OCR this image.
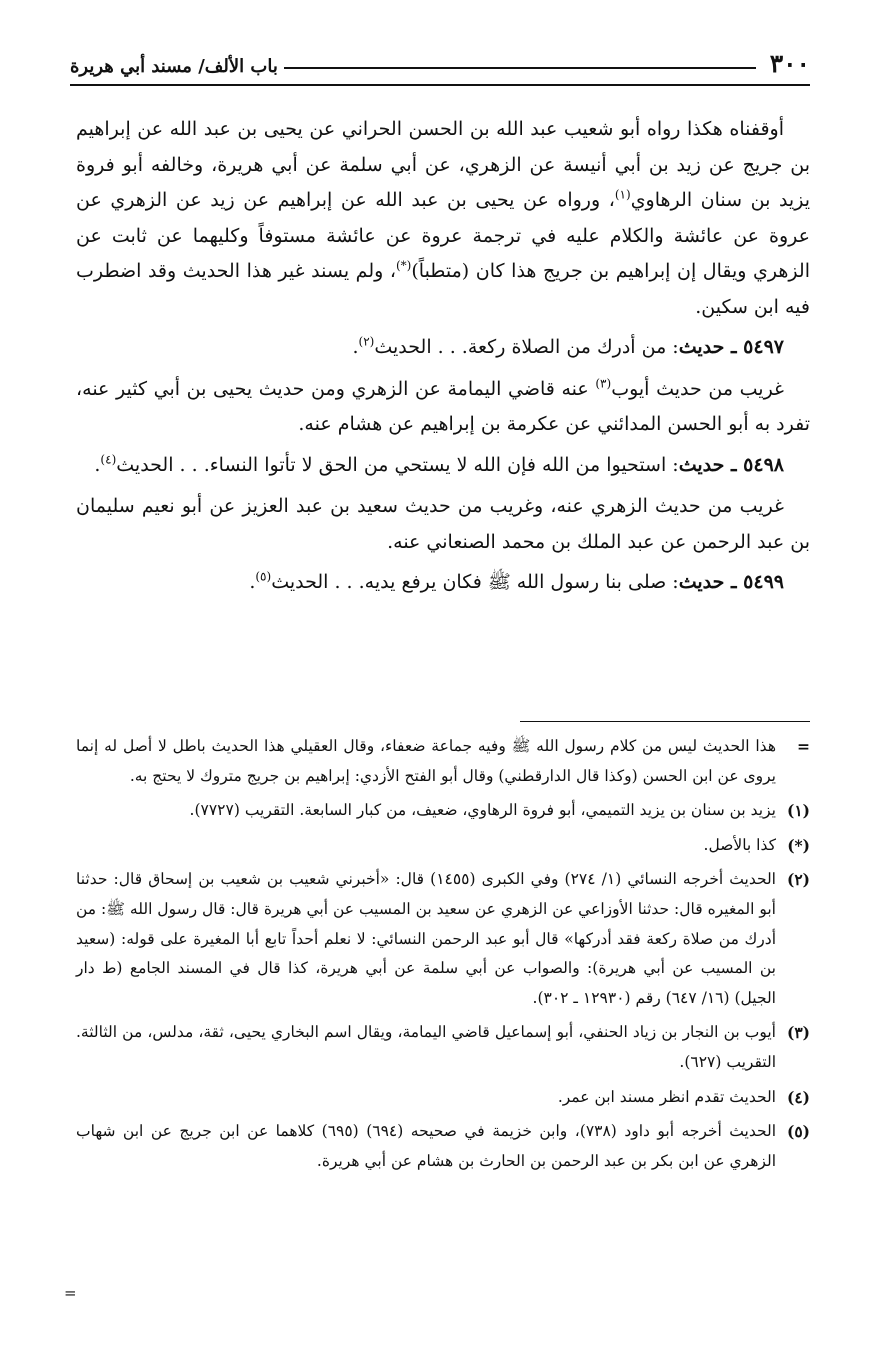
٣٠٠
باب الألف/ مسند أبي هريرة

أوقفناه هكذا رواه أبو شعيب عبد الله بن الحسن الحراني عن يحيى بن عبد الله عن إبراهيم بن جريج عن زيد بن أبي أنيسة عن الزهري، عن أبي سلمة عن أبي هريرة، وخالفه أبو فروة يزيد بن سنان الرهاوي$^{(١)}$، ورواه عن يحيى بن عبد الله عن إبراهيم عن زيد عن الزهري عن عروة عن عائشة والكلام عليه في ترجمة عروة عن عائشة مستوفاً وكليهما عن ثابت عن الزهري ويقال إن إبراهيم بن جريج هذا كان (متطباً)(*)، ولم يسند غير هذا الحديث وقد اضطرب فيه ابن سكين.

٥٤٩٧ ـ حديث: من أدرك من الصلاة ركعة. . . الحديث$^{(٢)}$.

غريب من حديث أيوب$^{(٣)}$ عنه قاضي اليمامة عن الزهري ومن حديث يحيى بن أبي كثير عنه، تفرد به أبو الحسن المدائني عن عكرمة بن إبراهيم عن هشام عنه.

٥٤٩٨ ـ حديث: استحيوا من الله فإن الله لا يستحي من الحق لا تأتوا النساء. . . الحديث$^{(٤)}$.

غريب من حديث الزهري عنه، وغريب من حديث سعيد بن عبد العزيز عن أبو نعيم سليمان بن عبد الرحمن عن عبد الملك بن محمد الصنعاني عنه.

٥٤٩٩ ـ حديث: صلى بنا رسول الله ﷺ فكان يرفع يديه. . . الحديث$^{(٥)}$.

=
هذا الحديث ليس من كلام رسول الله ﷺ وفيه جماعة ضعفاء، وقال العقيلي هذا الحديث باطل لا أصل له إنما يروى عن ابن الحسن (وكذا قال الدارقطني) وقال أبو الفتح الأزدي: إبراهيم بن جريج متروك لا يحتج به.
(١)
يزيد بن سنان بن يزيد التميمي، أبو فروة الرهاوي، ضعيف، من كبار السابعة. التقريب (٧٧٢٧).
(*)
كذا بالأصل.
(٢)
الحديث أخرجه النسائي (١/ ٢٧٤) وفي الكبرى (١٤٥٥) قال: «أخبرني شعيب بن شعيب بن إسحاق قال: حدثنا أبو المغيره قال: حدثنا الأوزاعي عن الزهري عن سعيد بن المسيب عن أبي هريرة قال: قال رسول الله ﷺ: من أدرك من صلاة ركعة فقد أدركها» قال أبو عبد الرحمن النسائي: لا نعلم أحداً تابع أبا المغيرة على قوله: (سعيد بن المسيب عن أبي هريرة): والصواب عن أبي سلمة عن أبي هريرة، كذا قال في المسند الجامع (ط دار الجيل) (١٦/ ٦٤٧) رقم (١٢٩٣٠ ـ ٣٠٢).
(٣)
أيوب بن النجار بن زياد الحنفي، أبو إسماعيل قاضي اليمامة، ويقال اسم البخاري يحيى، ثقة، مدلس، من الثالثة. التقريب (٦٢٧).
(٤)
الحديث تقدم انظر مسند ابن عمر.
(٥)
الحديث أخرجه أبو داود (٧٣٨)، وابن خزيمة في صحيحه (٦٩٤) (٦٩٥) كلاهما عن ابن جريج عن ابن شهاب الزهري عن ابن بكر بن عبد الرحمن بن الحارث بن هشام عن أبي هريرة.
=
